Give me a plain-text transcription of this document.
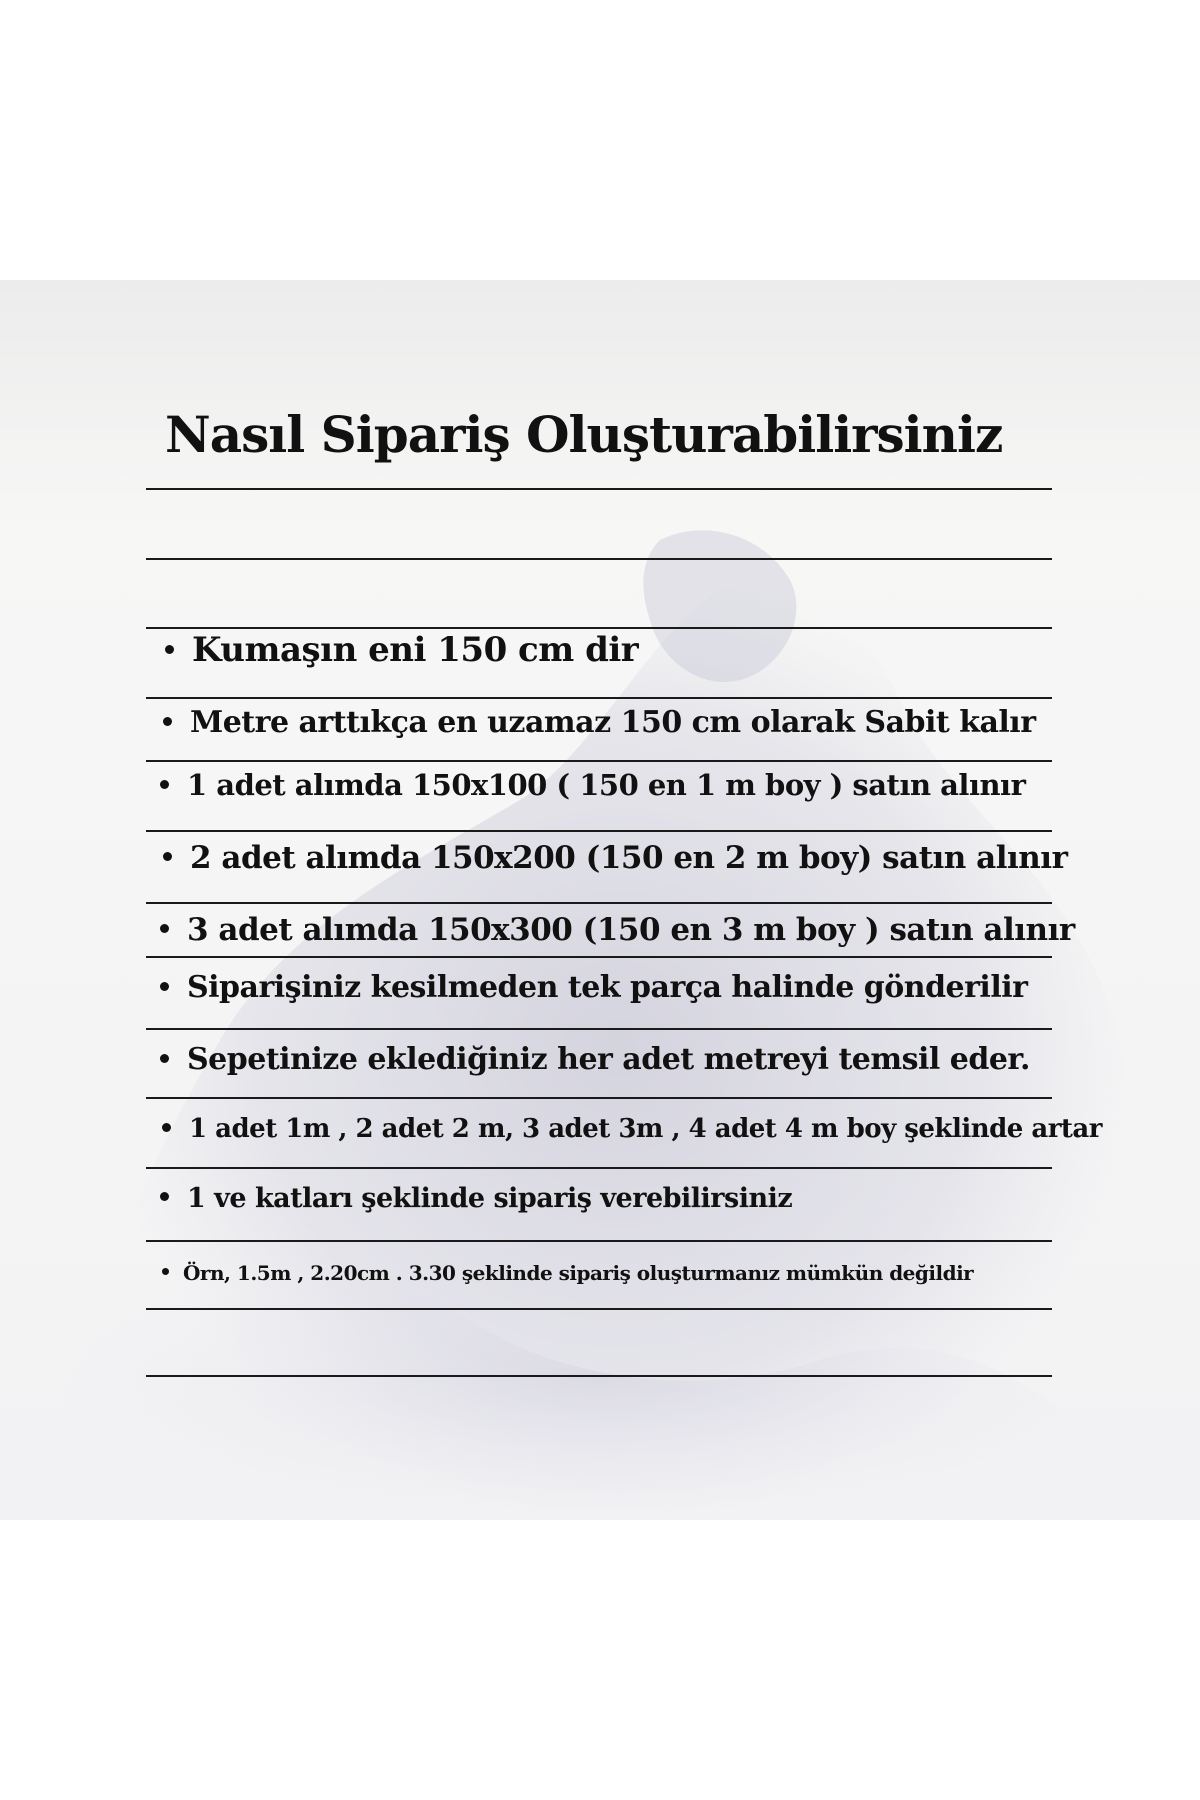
Nasıl Sipariş Oluşturabilirsiniz
Kumaşın eni 150 cm dir
Metre arttıkça en uzamaz 150 cm olarak Sabit kalır
1 adet alımda 150x100 ( 150 en 1 m boy ) satın alınır
2 adet alımda 150x200 (150 en 2 m boy) satın alınır
3 adet alımda 150x300 (150 en 3 m boy ) satın alınır
Siparişiniz kesilmeden tek parça halinde gönderilir
Sepetinize eklediğiniz her adet metreyi temsil eder.
1 adet 1m , 2 adet 2 m, 3 adet 3m , 4 adet 4 m boy şeklinde artar
1 ve katları şeklinde sipariş verebilirsiniz
Örn, 1.5m , 2.20cm . 3.30 şeklinde sipariş oluşturmanız mümkün değildir
